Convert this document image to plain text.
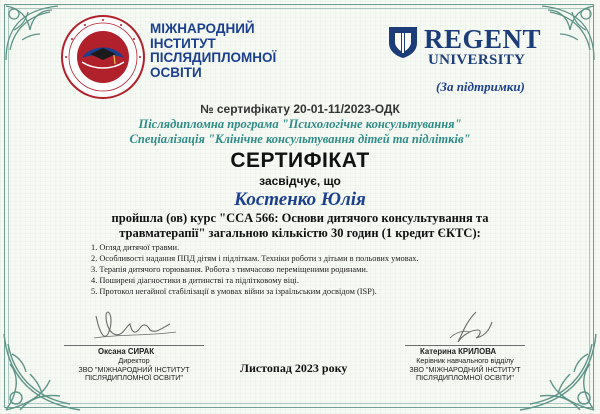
МІЖНАРОДНИЙ
ІНСТИТУТ
ПІСЛЯДИПЛОМНОЇ
ОСВІТИ
REGENT
UNIVERSITY
(За підтримки)
№ сертифікату 20-01-11/2023-ОДК
Післядипломна програма "Психологічне консультування"
Спеціалізація "Клінічне консультування дітей та підлітків"
СЕРТИФІКАТ
засвідчує, що
Костенко Юлія
пройшла (ов) курс "CCA 566: Основи дитячого консультування та
травматерапії" загальною кількістю 30 годин (1 кредит ЄКТС):
1. Огляд дитячої травми.
2. Особливості надання ППД дітям і підліткам. Техніки роботи з дітьми в польових умовах.
3. Терапія дитячого горювання. Робота з тимчасово переміщеними родинами.
4. Поширені діагностики в дитинстві та підлітковому віці.
5. Протокол негайної стабілізації в умовах війни за ізраїльським досвідом (ISP).
Оксана СИРАК
Директор
ЗВО "МІЖНАРОДНИЙ ІНСТИТУТ
ПІСЛЯДИПЛОМНОЇ ОСВІТИ"
Листопад 2023 року
Катерина КРИЛОВА
Керівник навчального відділу
ЗВО "МІЖНАРОДНИЙ ІНСТИТУТ
ПІСЛЯДИПЛОМНОЇ ОСВІТИ"
